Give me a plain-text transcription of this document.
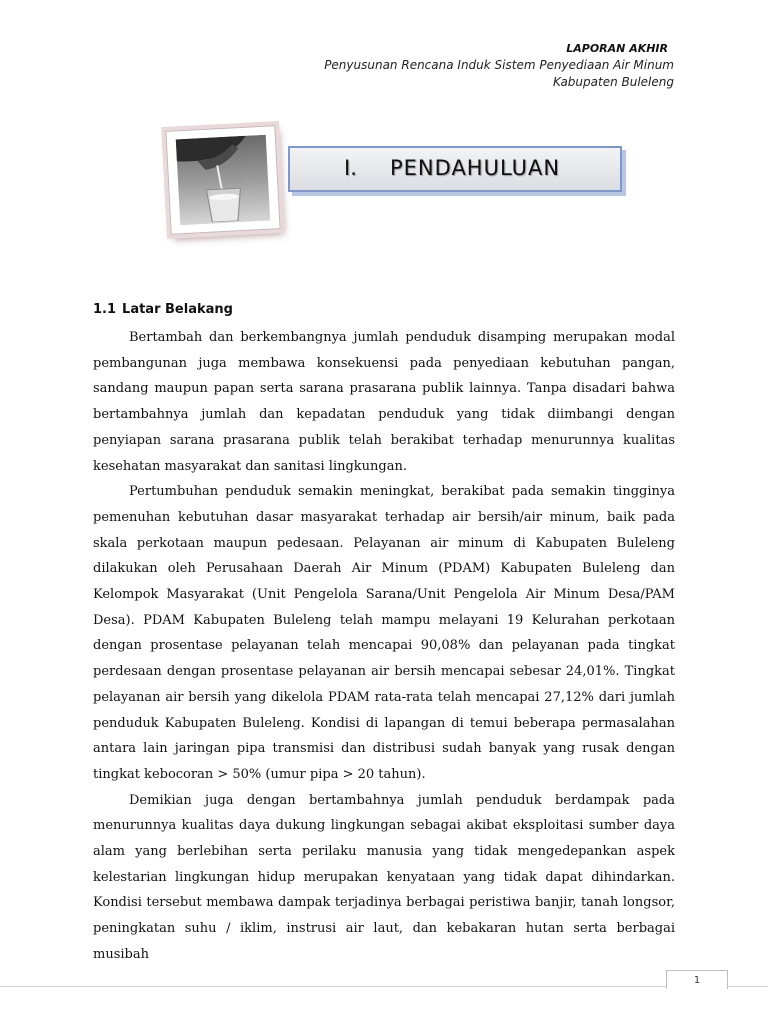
LAPORAN AKHIR
Penyusunan Rencana Induk Sistem Penyediaan Air Minum
Kabupaten Buleleng
I. PENDAHULUAN
1.1 Latar Belakang

Bertambah dan berkembangnya jumlah penduduk disamping merupakan modal pembangunan juga membawa konsekuensi pada penyediaan kebutuhan pangan, sandang maupun papan serta sarana prasarana publik lainnya. Tanpa disadari bahwa bertambahnya jumlah dan kepadatan penduduk yang tidak diimbangi dengan penyiapan sarana prasarana publik telah berakibat terhadap menurunnya kualitas kesehatan masyarakat dan sanitasi lingkungan.

Pertumbuhan penduduk semakin meningkat, berakibat pada semakin tingginya pemenuhan kebutuhan dasar masyarakat terhadap air bersih/air minum, baik pada skala perkotaan maupun pedesaan. Pelayanan air minum di Kabupaten Buleleng dilakukan oleh Perusahaan Daerah Air Minum (PDAM) Kabupaten Buleleng dan Kelompok Masyarakat (Unit Pengelola Sarana/Unit Pengelola Air Minum Desa/PAM Desa). PDAM Kabupaten Buleleng telah mampu melayani 19 Kelurahan perkotaan dengan prosentase pelayanan telah mencapai 90,08% dan pelayanan pada tingkat perdesaan dengan prosentase pelayanan air bersih mencapai sebesar 24,01%. Tingkat pelayanan air bersih yang dikelola PDAM rata-rata telah mencapai 27,12% dari jumlah penduduk Kabupaten Buleleng. Kondisi di lapangan di temui beberapa permasalahan antara lain jaringan pipa transmisi dan distribusi sudah banyak yang rusak dengan tingkat kebocoran > 50% (umur pipa > 20 tahun).

Demikian juga dengan bertambahnya jumlah penduduk berdampak pada menurunnya kualitas daya dukung lingkungan sebagai akibat eksploitasi sumber daya alam yang berlebihan serta perilaku manusia yang tidak mengedepankan aspek kelestarian lingkungan hidup merupakan kenyataan yang tidak dapat dihindarkan. Kondisi tersebut membawa dampak terjadinya berbagai peristiwa banjir, tanah longsor, peningkatan suhu / iklim, instrusi air laut, dan kebakaran hutan serta berbagai musibah

1
